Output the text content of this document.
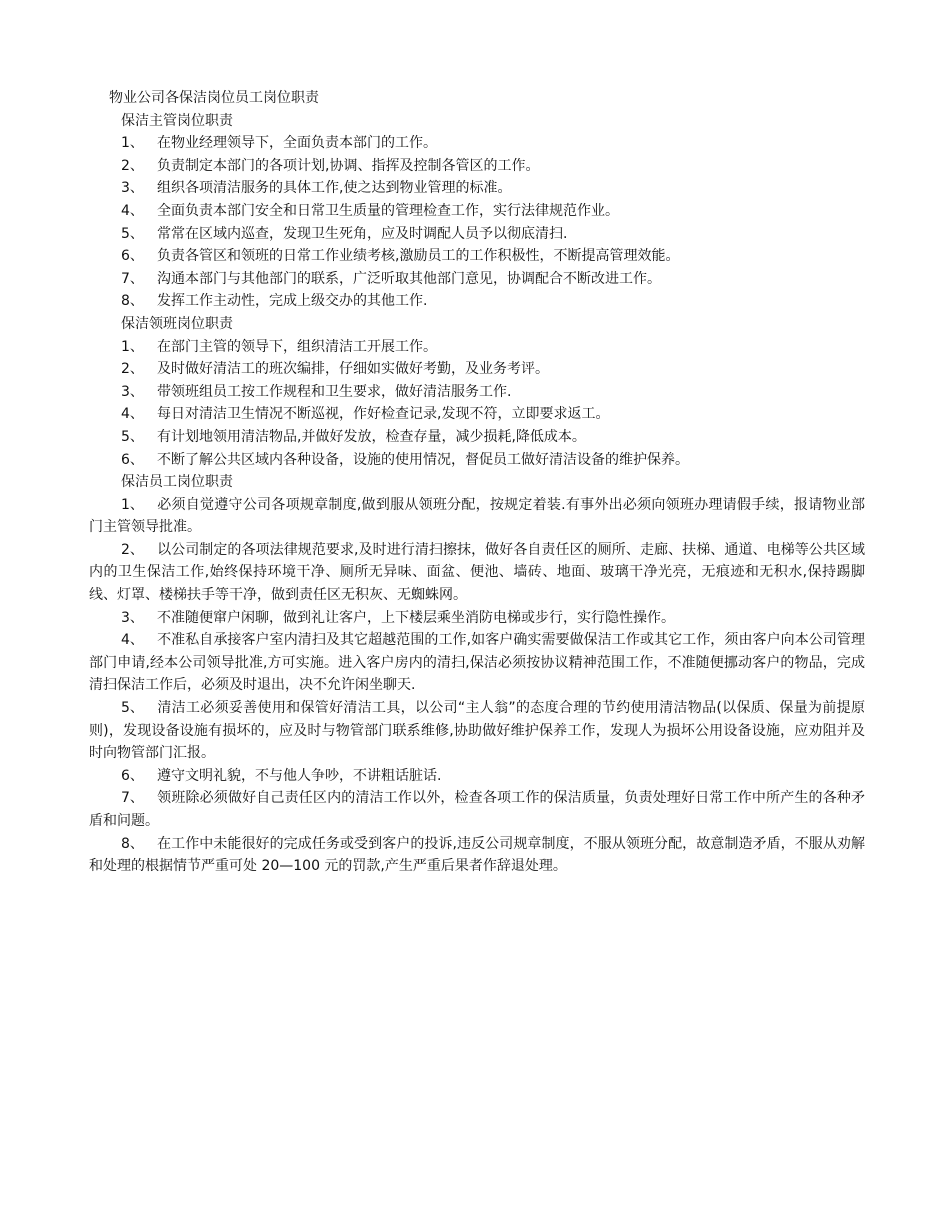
物业公司各保洁岗位员工岗位职责
保洁主管岗位职责
1、 在物业经理领导下，全面负责本部门的工作。
2、 负责制定本部门的各项计划,协调、指挥及控制各管区的工作。
3、 组织各项清洁服务的具体工作,使之达到物业管理的标准。
4、 全面负责本部门安全和日常卫生质量的管理检查工作，实行法律规范作业。
5、 常常在区域内巡查，发现卫生死角，应及时调配人员予以彻底清扫.
6、 负责各管区和领班的日常工作业绩考核,激励员工的工作积极性，不断提高管理效能。
7、 沟通本部门与其他部门的联系，广泛听取其他部门意见，协调配合不断改进工作。
8、 发挥工作主动性，完成上级交办的其他工作.
保洁领班岗位职责
1、 在部门主管的领导下，组织清洁工开展工作。
2、 及时做好清洁工的班次编排，仔细如实做好考勤，及业务考评。
3、 带领班组员工按工作规程和卫生要求，做好清洁服务工作.
4、 每日对清洁卫生情况不断巡视，作好检查记录,发现不符，立即要求返工。
5、 有计划地领用清洁物品,并做好发放，检查存量，减少损耗,降低成本。
6、 不断了解公共区域内各种设备，设施的使用情况，督促员工做好清洁设备的维护保养。
保洁员工岗位职责
1、 必须自觉遵守公司各项规章制度,做到服从领班分配，按规定着装.有事外出必须向领班办理请假手续，报请物业部门主管领导批准。
2、 以公司制定的各项法律规范要求,及时进行清扫擦抹，做好各自责任区的厕所、走廊、扶梯、通道、电梯等公共区域内的卫生保洁工作,始终保持环境干净、厕所无异味、面盆、便池、墙砖、地面、玻璃干净光亮，无痕迹和无积水,保持踢脚线、灯罩、楼梯扶手等干净，做到责任区无积灰、无蜘蛛网。
3、 不准随便窜户闲聊，做到礼让客户，上下楼层乘坐消防电梯或步行，实行隐性操作。
4、 不准私自承接客户室内清扫及其它超越范围的工作,如客户确实需要做保洁工作或其它工作，须由客户向本公司管理部门申请,经本公司领导批准,方可实施。进入客户房内的清扫,保洁必须按协议精神范围工作，不准随便挪动客户的物品，完成清扫保洁工作后，必须及时退出，决不允许闲坐聊天.
5、 清洁工必须妥善使用和保管好清洁工具，以公司“主人翁”的态度合理的节约使用清洁物品(以保质、保量为前提原则)，发现设备设施有损坏的，应及时与物管部门联系维修,协助做好维护保养工作，发现人为损坏公用设备设施，应劝阻并及时向物管部门汇报。
6、 遵守文明礼貌，不与他人争吵，不讲粗话脏话.
7、 领班除必须做好自己责任区内的清洁工作以外，检查各项工作的保洁质量，负责处理好日常工作中所产生的各种矛盾和问题。
8、 在工作中未能很好的完成任务或受到客户的投诉,违反公司规章制度，不服从领班分配，故意制造矛盾，不服从劝解和处理的根据情节严重可处 20—100 元的罚款,产生严重后果者作辞退处理。
